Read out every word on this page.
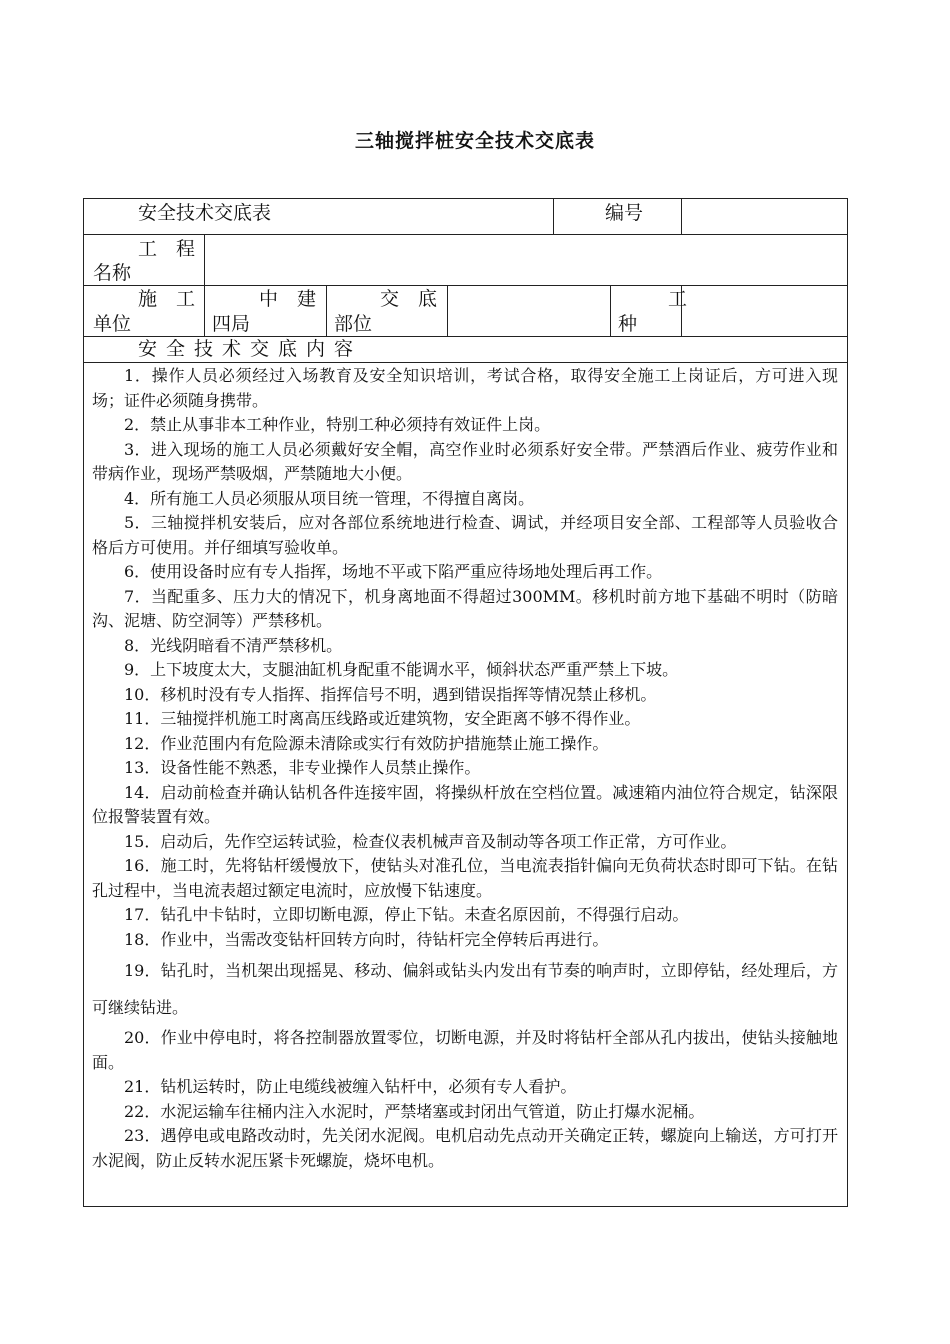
三轴搅拌桩安全技术交底表
安全技术交底表	编号
工　程
名称
施　工
单位
中　建
四局
交　底
部位
工
种
安全技术交底内容

1．操作人员必须经过入场教育及安全知识培训，考试合格，取得安全施工上岗证后，方可进入现场；证件必须随身携带。

2．禁止从事非本工种作业，特别工种必须持有效证件上岗。

3．进入现场的施工人员必须戴好安全帽，高空作业时必须系好安全带。严禁酒后作业、疲劳作业和带病作业，现场严禁吸烟，严禁随地大小便。

4．所有施工人员必须服从项目统一管理，不得擅自离岗。

5．三轴搅拌机安装后，应对各部位系统地进行检查、调试，并经项目安全部、工程部等人员验收合格后方可使用。并仔细填写验收单。

6．使用设备时应有专人指挥，场地不平或下陷严重应待场地处理后再工作。

7．当配重多、压力大的情况下，机身离地面不得超过300MM。移机时前方地下基础不明时（防暗沟、泥塘、防空洞等）严禁移机。

8．光线阴暗看不清严禁移机。

9．上下坡度太大，支腿油缸机身配重不能调水平，倾斜状态严重严禁上下坡。

10．移机时没有专人指挥、指挥信号不明，遇到错误指挥等情况禁止移机。

11．三轴搅拌机施工时离高压线路或近建筑物，安全距离不够不得作业。

12．作业范围内有危险源未清除或实行有效防护措施禁止施工操作。

13．设备性能不熟悉，非专业操作人员禁止操作。

14．启动前检查并确认钻机各件连接牢固，将操纵杆放在空档位置。减速箱内油位符合规定，钻深限位报警装置有效。

15．启动后，先作空运转试验，检查仪表机械声音及制动等各项工作正常，方可作业。

16．施工时，先将钻杆缓慢放下，使钻头对准孔位，当电流表指针偏向无负荷状态时即可下钻。在钻孔过程中，当电流表超过额定电流时，应放慢下钻速度。

17．钻孔中卡钻时，立即切断电源，停止下钻。未查名原因前，不得强行启动。

18．作业中，当需改变钻杆回转方向时，待钻杆完全停转后再进行。

19．钻孔时，当机架出现摇晃、移动、偏斜或钻头内发出有节奏的响声时，立即停钻，经处理后，方可继续钻进。

20．作业中停电时，将各控制器放置零位，切断电源，并及时将钻杆全部从孔内拔出，使钻头接触地面。

21．钻机运转时，防止电缆线被缠入钻杆中，必须有专人看护。

22．水泥运输车往桶内注入水泥时，严禁堵塞或封闭出气管道，防止打爆水泥桶。

23．遇停电或电路改动时，先关闭水泥阀。电机启动先点动开关确定正转，螺旋向上输送，方可打开水泥阀，防止反转水泥压紧卡死螺旋，烧坏电机。
